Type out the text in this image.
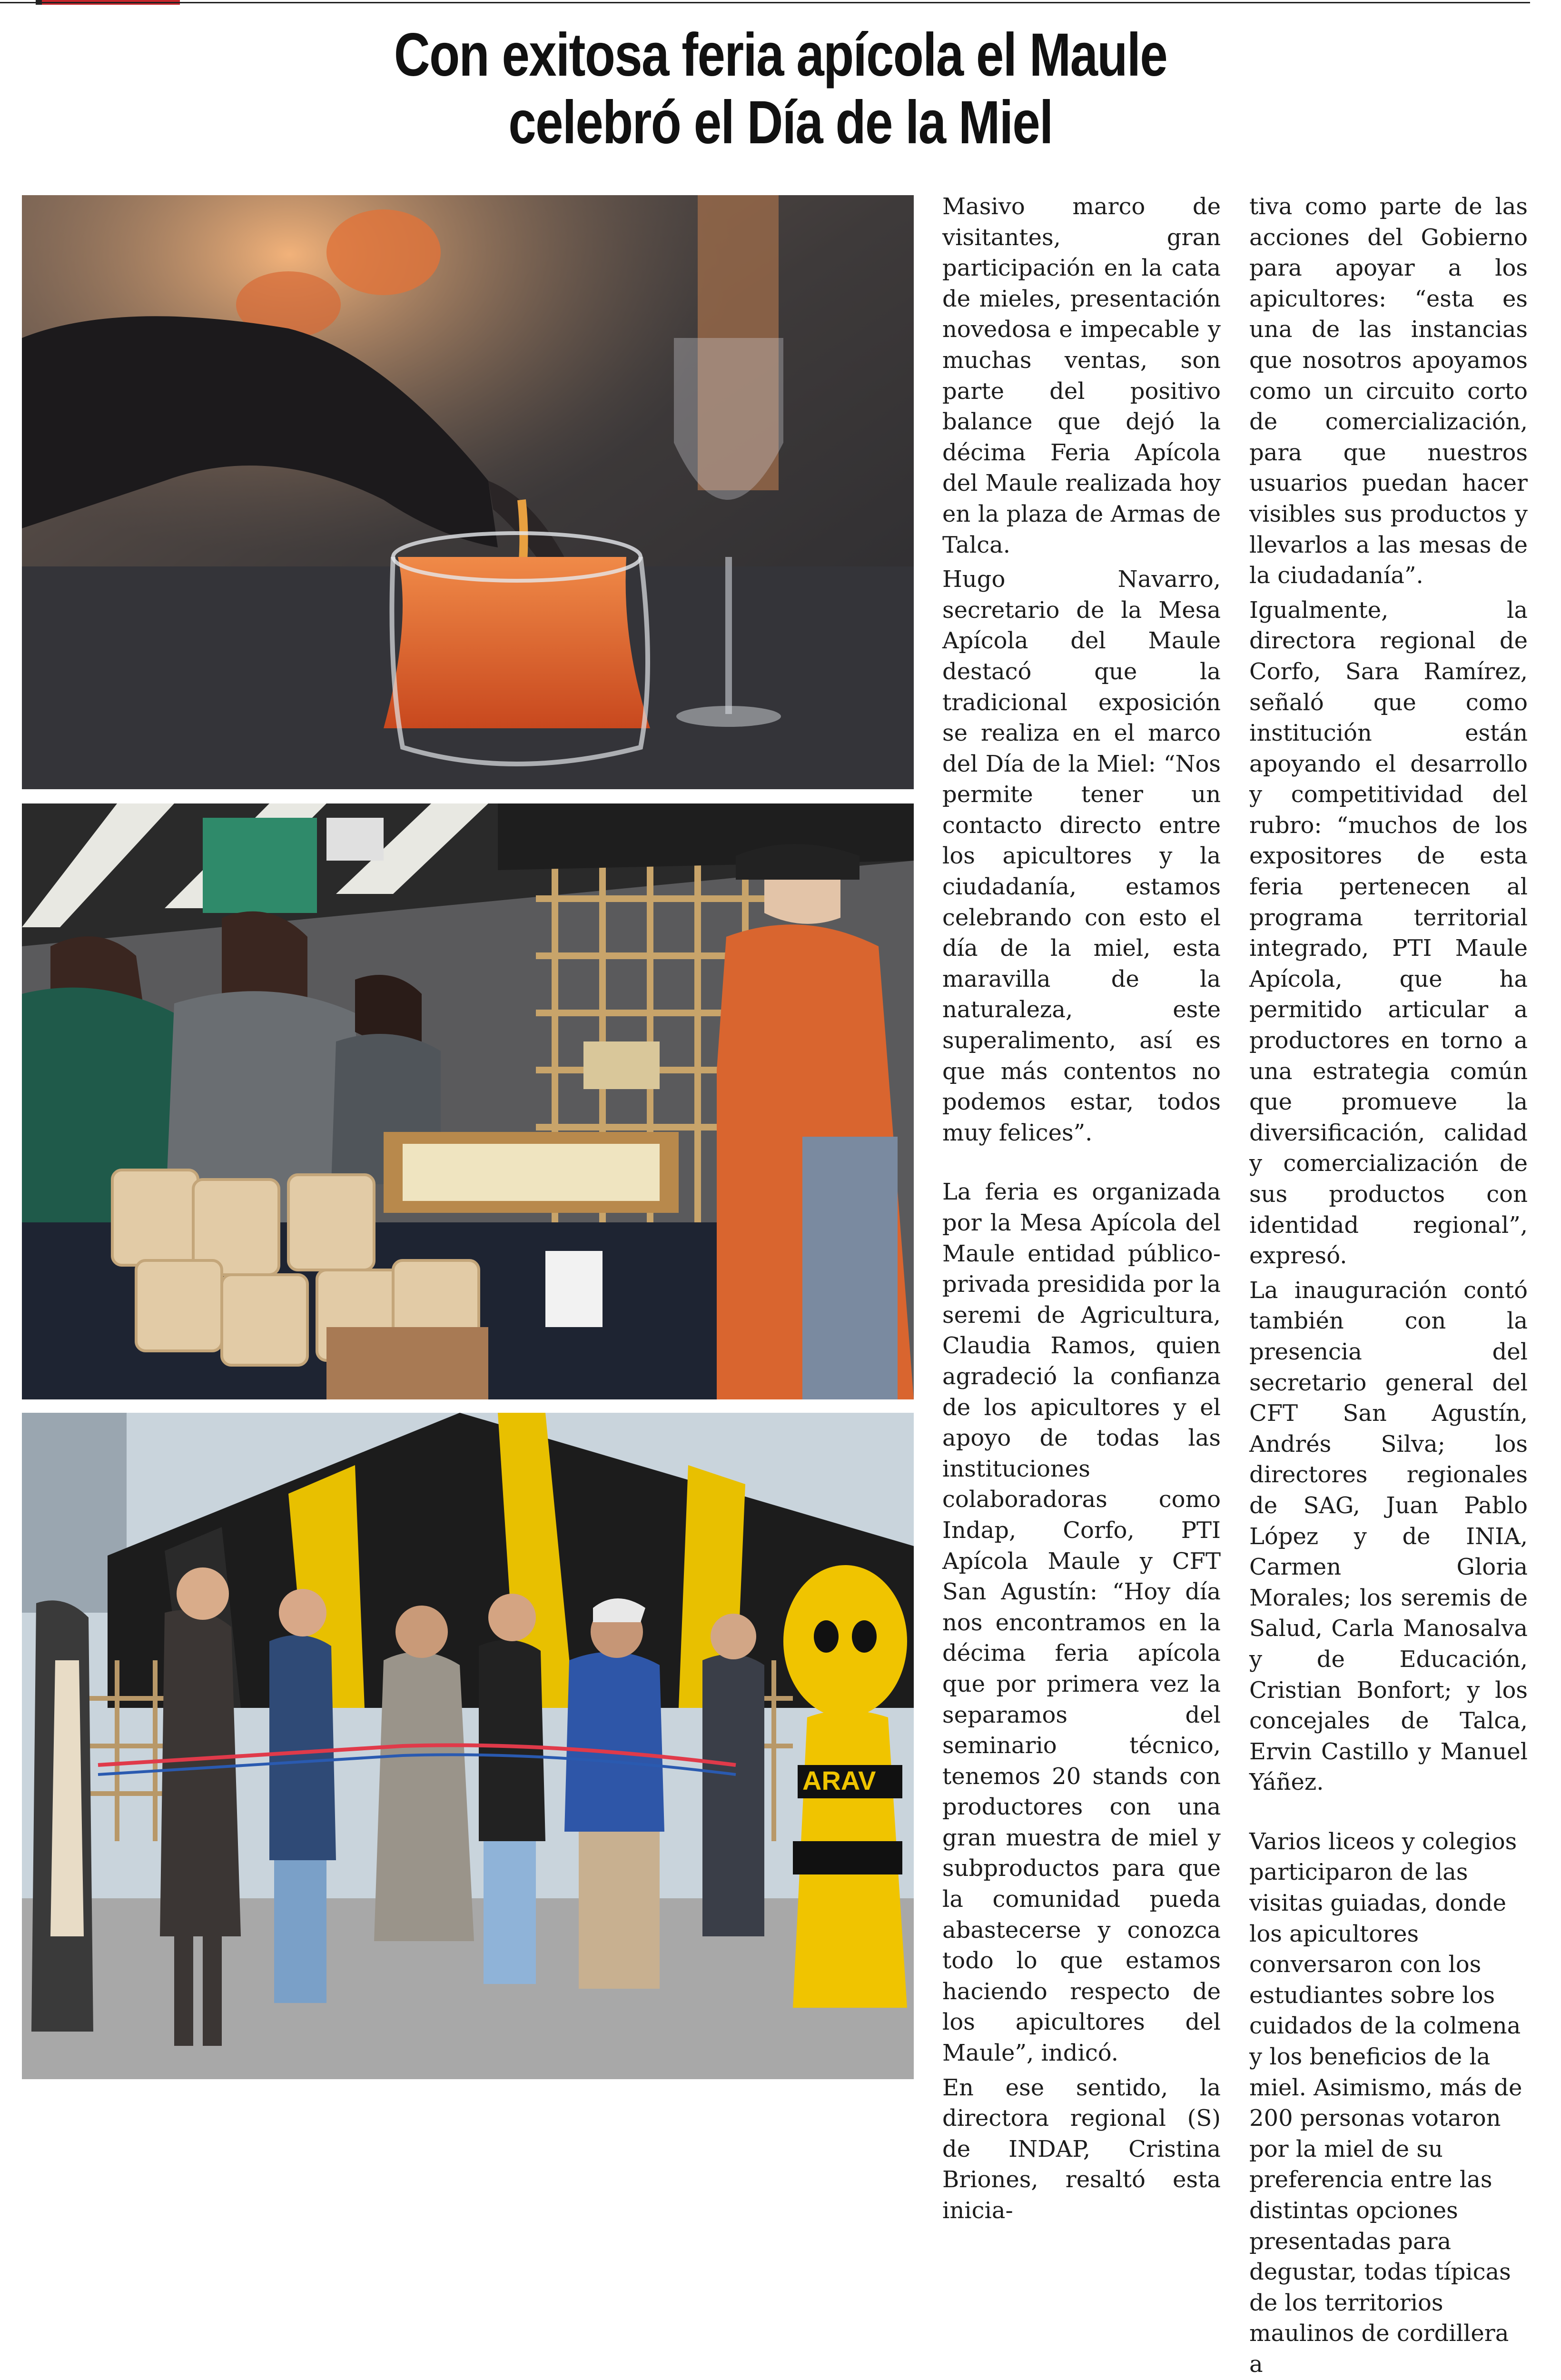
Con exitosa feria apícola el Maule
celebró el Día de la Miel
ARAV

Masivo marco de visitantes, gran participación en la cata de mieles, presentación novedosa e impecable y muchas ventas, son parte del positivo balance que dejó la décima Feria Apícola del Maule realizada hoy en la plaza de Armas de Talca.

Hugo Navarro, secretario de la Mesa Apícola del Maule destacó que la tradicional exposición se realiza en el marco del Día de la Miel: “Nos permite tener un contacto directo entre los apicultores y la ciudadanía, estamos celebrando con esto el día de la miel, esta maravilla de la naturaleza, este superalimento, así es que más contentos no podemos estar, todos muy felices”.

La feria es organizada por la Mesa Apícola del Maule entidad público-privada presidida por la seremi de Agricultura, Claudia Ramos, quien agradeció la confianza de los apicultores y el apoyo de todas las instituciones colaboradoras como Indap, Corfo, PTI Apícola Maule y CFT San Agustín: “Hoy día nos encontramos en la décima feria apícola que por primera vez la separamos del seminario técnico, tenemos 20 stands con productores con una gran muestra de miel y subproductos para que la comunidad pueda abastecerse y conozca todo lo que estamos haciendo respecto de los apicultores del Maule”, indicó.

En ese sentido, la directora regional (S) de INDAP, Cristina Briones, resaltó esta inicia-

tiva como parte de las acciones del Gobierno para apoyar a los apicultores: “esta es una de las instancias que nosotros apoyamos como un circuito corto de comercialización, para que nuestros usuarios puedan hacer visibles sus productos y llevarlos a las mesas de la ciudadanía”.

Igualmente, la directora regional de Corfo, Sara Ramírez, señaló que como institución están apoyando el desarrollo y competitividad del rubro: “muchos de los expositores de esta feria pertenecen al programa territorial integrado, PTI Maule Apícola, que ha permitido articular a productores en torno a una estrategia común que promueve la diversificación, calidad y comercialización de sus productos con identidad regional”, expresó.

La inauguración contó también con la presencia del secretario general del CFT San Agustín, Andrés Silva; los directores regionales de SAG, Juan Pablo López y de INIA, Carmen Gloria Morales; los seremis de Salud, Carla Manosalva y de Educación, Cristian Bonfort; y los concejales de Talca, Ervin Castillo y Manuel Yáñez.

Varios liceos y colegios participaron de las visitas guiadas, donde los apicultores conversaron con los estudiantes sobre los cuidados de la colmena y los beneficios de la miel. Asimismo, más de 200 personas votaron por la miel de su preferencia entre las distintas opciones presentadas para degustar, todas típicas de los territorios maulinos de cordillera a
